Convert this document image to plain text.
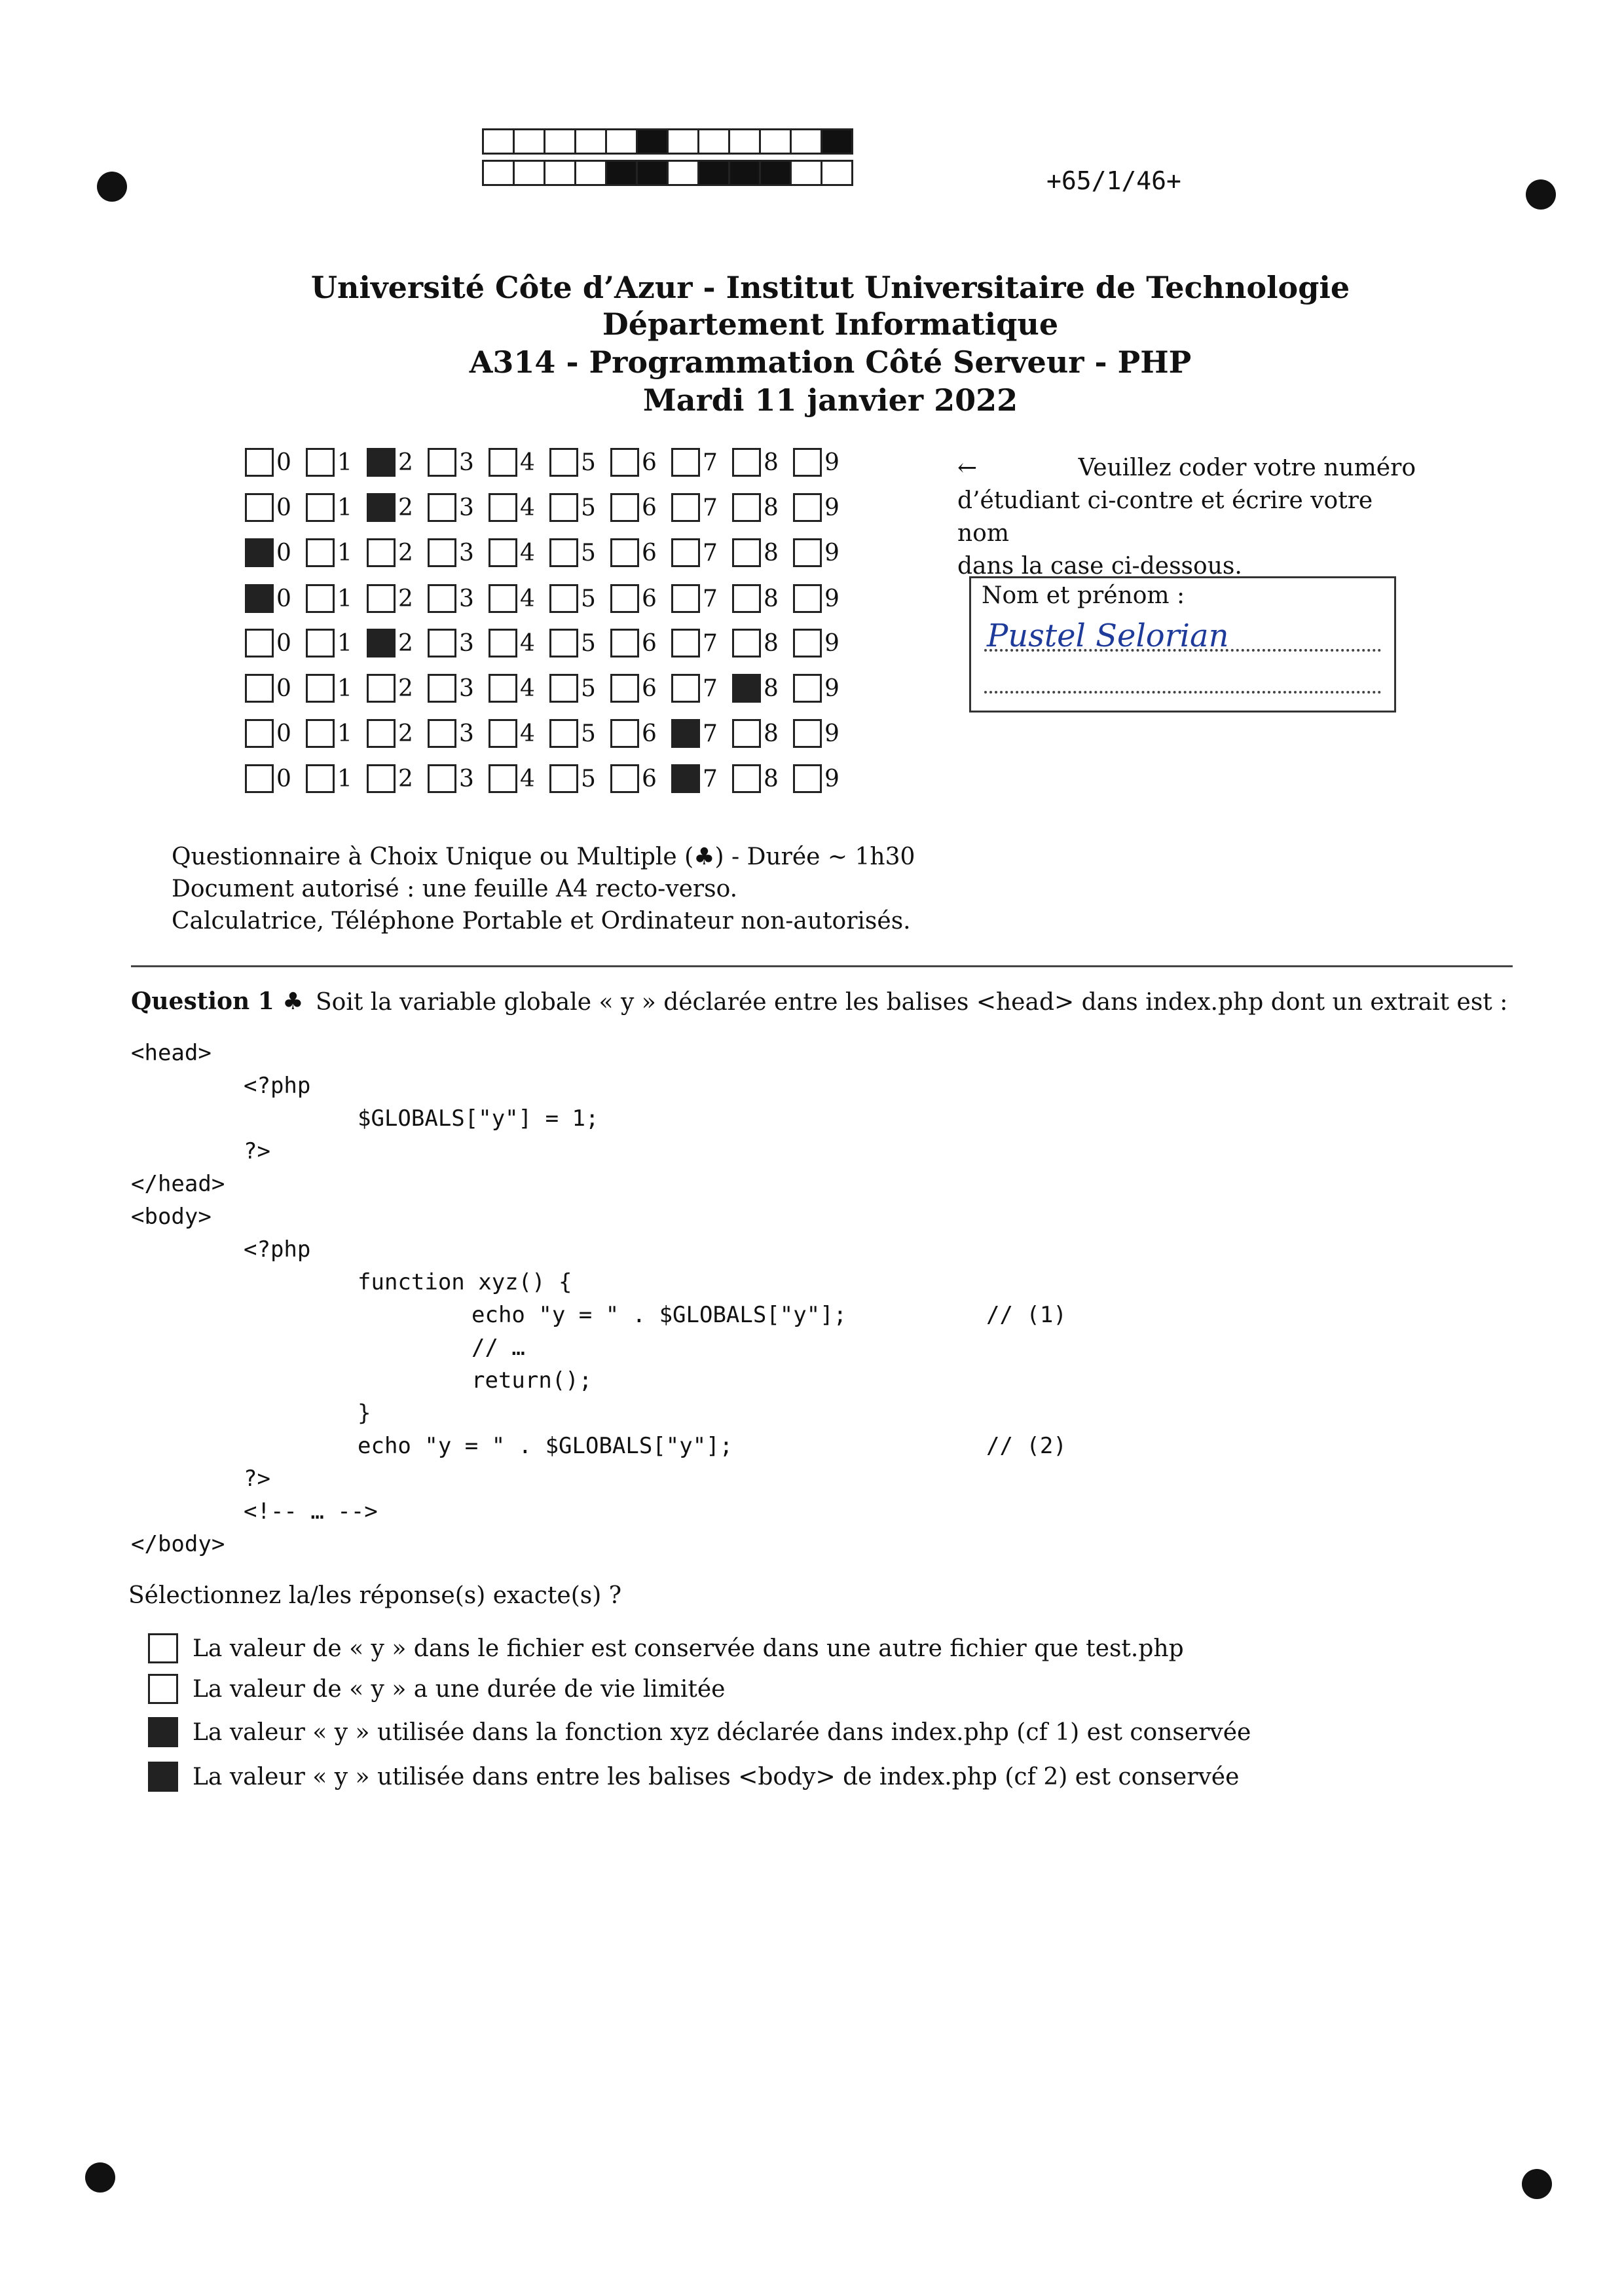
+65/1/46+
Université Côte d’Azur - Institut Universitaire de Technologie
Département Informatique
A314 - Programmation Côté Serveur - PHP
Mardi 11 janvier 2022
0 1 2 3 4 5 6 7 8 9
0 1 2 3 4 5 6 7 8 9
0 1 2 3 4 5 6 7 8 9
0 1 2 3 4 5 6 7 8 9
0 1 2 3 4 5 6 7 8 9
0 1 2 3 4 5 6 7 8 9
0 1 2 3 4 5 6 7 8 9
0 1 2 3 4 5 6 7 8 9
←	Veuillez coder votre numéro
d’étudiant ci-contre et écrire votre nom
dans la case ci-dessous.
Nom et prénom :
Pustel Selorian
Questionnaire à Choix Unique ou Multiple (♣) - Durée ∼ 1h30
Document autorisé : une feuille A4 recto-verso.
Calculatrice, Téléphone Portable et Ordinateur non-autorisés.
Question 1 ♣ Soit la variable globale « y » déclarée entre les balises <head> dans index.php dont un extrait est :
<head>
<?php
$GLOBALS["y"] = 1;
?>
</head>
<body>
<?php
function xyz() {
echo "y = " . $GLOBALS["y"];	// (1)
// …
return();
}
echo "y = " . $GLOBALS["y"];	// (2)
?>
<!-- … -->
</body>
Sélectionnez la/les réponse(s) exacte(s) ?
La valeur de « y » dans le fichier est conservée dans une autre fichier que test.php
La valeur de « y » a une durée de vie limitée
La valeur « y » utilisée dans la fonction xyz déclarée dans index.php (cf 1) est conservée
La valeur « y » utilisée dans entre les balises <body> de index.php (cf 2) est conservée
